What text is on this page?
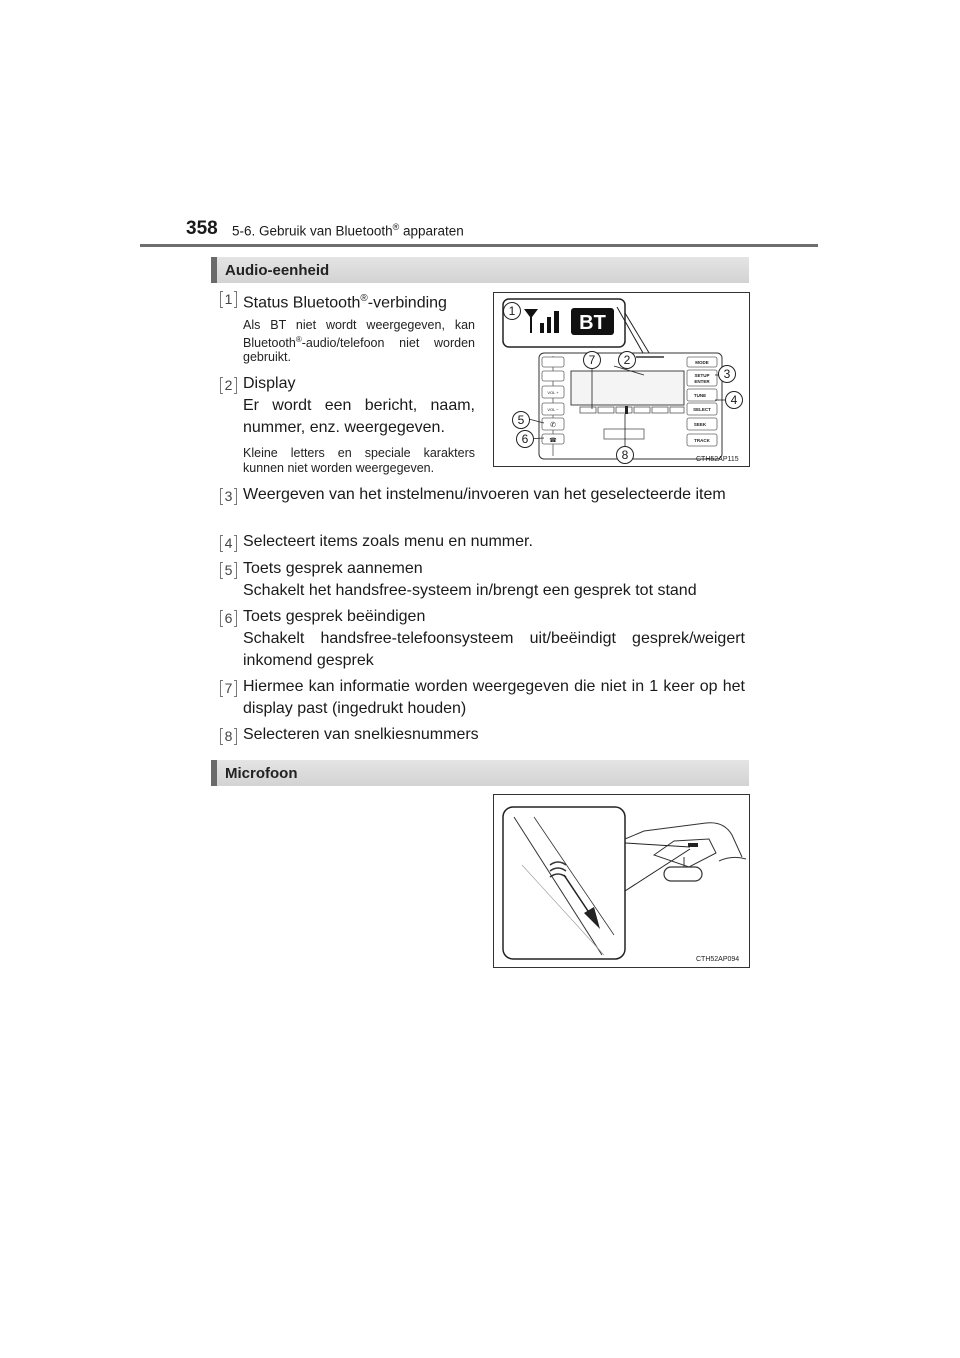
358 5-6. Gebruik van Bluetooth® apparaten
Audio-eenheid
1 Status Bluetooth®-verbinding
Als BT niet wordt weergegeven, kan Bluetooth®-audio/telefoon niet worden gebruikt.
2 Display
Er wordt een bericht, naam, nummer, enz. weergegeven.
Kleine letters en speciale karakters kunnen niet worden weergegeven.
BT
VOL +
VOL −
✆
☎
MODE
SETUP
ENTER
TUNE
SELECT
SEEK
TRACK
1
2
3
4
5
6
7
8	CTH52AP115
3 Weergeven van het instelmenu/invoeren van het geselecteerde item
4 Selecteert items zoals menu en nummer.
5 Toets gesprek aannemen
Schakelt het handsfree-systeem in/brengt een gesprek tot stand
6 Toets gesprek beëindigen
Schakelt handsfree-telefoonsysteem uit/beëindigt gesprek/weigert inkomend gesprek
7 Hiermee kan informatie worden weergegeven die niet in 1 keer op het display past (ingedrukt houden)
8 Selecteren van snelkiesnummers
Microfoon
CTH52AP094
